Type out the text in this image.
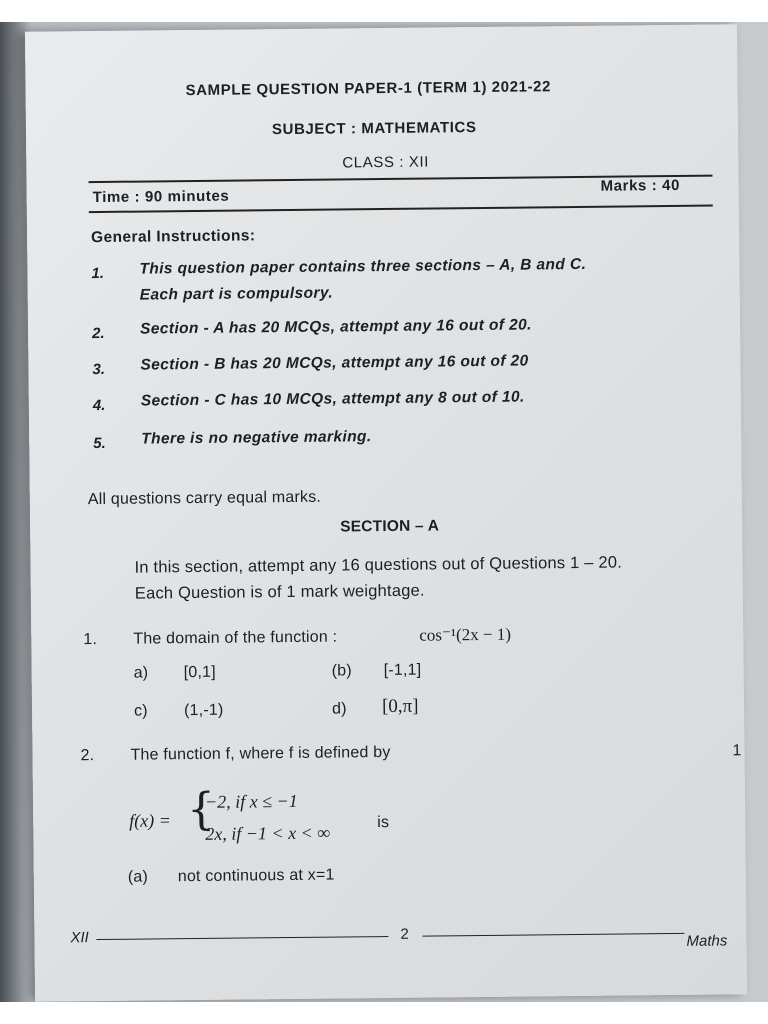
SAMPLE QUESTION PAPER-1 (TERM 1) 2021-22
SUBJECT : MATHEMATICS
CLASS : XII
Time : 90 minutes
Marks : 40
General Instructions:
1. This question paper contains three sections – A, B and C.
Each part is compulsory.
2. Section - A has 20 MCQs, attempt any 16 out of 20.
3. Section - B has 20 MCQs, attempt any 16 out of 20
4. Section - C has 10 MCQs, attempt any 8 out of 10.
5. There is no negative marking.
All questions carry equal marks.
SECTION – A
In this section, attempt any 16 questions out of Questions 1 – 20.
Each Question is of 1 mark weightage.
1. The domain of the function :	cos⁻¹(2x − 1)
a) [0,1]	(b) [-1,1]
c) (1,-1)	d) [0,π]
2. The function f, where f is defined by	1
f(x) = {
−2, if x ≤ −1
2x, if −1 < x < ∞
is
(a) not continuous at x=1
XII	2	Maths
